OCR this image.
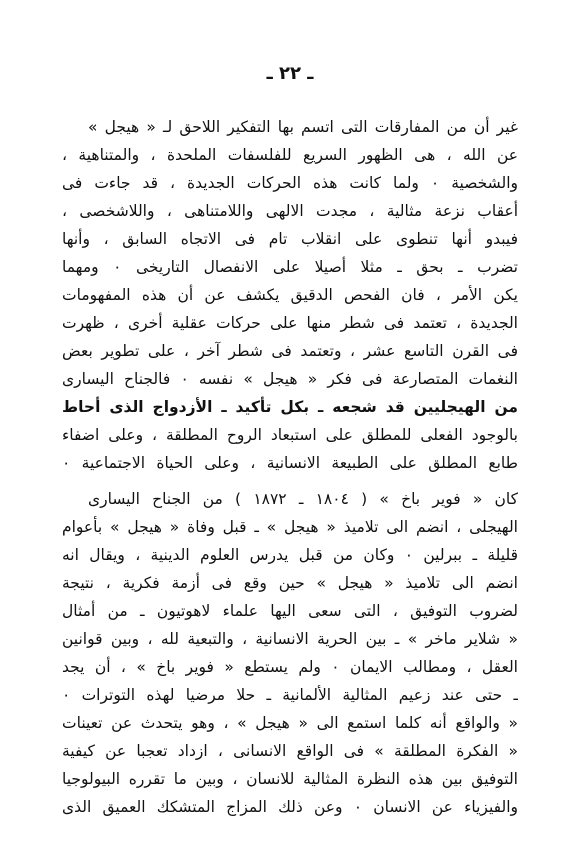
ـ ٢٢ ـ
غير أن من المفارقات التى اتسم بها التفكير اللاحق لـ « هيجل »
عن الله ، هى الظهور السريع للفلسفات الملحدة ، والمتناهية ،
والشخصية ٠ ولما كانت هذه الحركات الجديدة ، قد جاءت فى
أعقاب نزعة مثالية ، مجدت الالهى واللامتناهى ، واللاشخصى ،
فيبدو أنها تنطوى على انقلاب تام فى الاتجاه السابق ، وأنها
تضرب ـ بحق ـ مثلا أصيلا على الانفصال التاريخى ٠ ومهما
يكن الأمر ، فان الفحص الدقيق يكشف عن أن هذه المفهومات
الجديدة ، تعتمد فى شطر منها على حركات عقلية أخرى ، ظهرت
فى القرن التاسع عشر ، وتعتمد فى شطر آخر ، على تطوير بعض
النغمات المتصارعة فى فكر « هيجل » نفسه ٠ فالجناح اليسارى
من الهيجليين قد شجعه ـ بكل تأكيد ـ الأزدواج الذى أحاط
بالوجود الفعلى للمطلق على استبعاد الروح المطلقة ، وعلى اضفاء
طابع المطلق على الطبيعة الانسانية ، وعلى الحياة الاجتماعية ٠
كان « فوير باخ » ( ١٨٠٤ ـ ١٨٧٢ ) من الجناح اليسارى
الهيجلى ، انضم الى تلاميذ « هيجل » ـ قبل وفاة « هيجل » بأعوام
قليلة ـ ببرلين ٠ وكان من قبل يدرس العلوم الدينية ، ويقال انه
انضم الى تلاميذ « هيجل » حين وقع فى أزمة فكرية ، نتيجة
لضروب التوفيق ، التى سعى اليها علماء لاهوتيون ـ من أمثال
« شلاير ماخر » ـ بين الحرية الانسانية ، والتبعية لله ، وبين قوانين
العقل ، ومطالب الايمان ٠ ولم يستطع « فوير باخ » ، أن يجد
ـ حتى عند زعيم المثالية الألمانية ـ حلا مرضيا لهذه التوترات ٠
« والواقع أنه كلما استمع الى « هيجل » ، وهو يتحدث عن تعينات
« الفكرة المطلقة » فى الواقع الانسانى ، ازداد تعجبا عن كيفية
التوفيق بين هذه النظرة المثالية للانسان ، وبين ما تقرره البيولوجيا
والفيزياء عن الانسان ٠ وعن ذلك المزاج المتشكك العميق الذى
